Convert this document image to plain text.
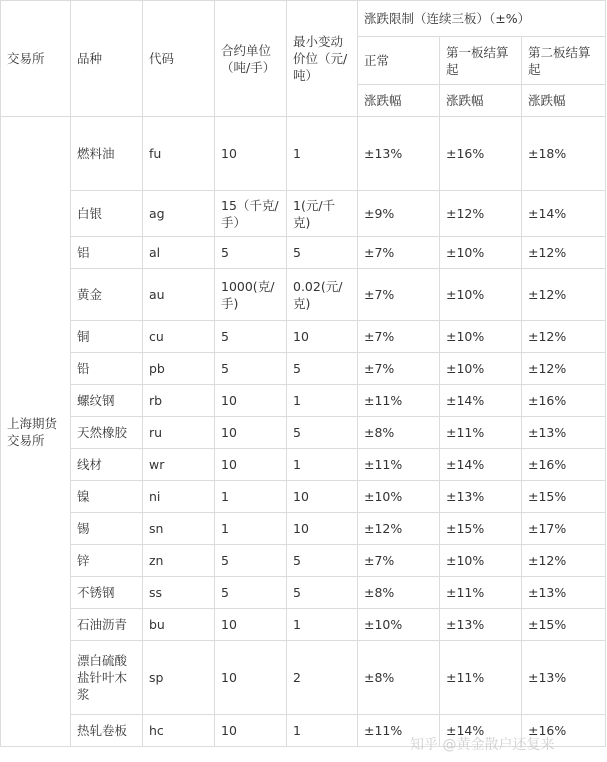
交易所	品种	代码	合约单位（吨/手）	最小变动价位（元/吨）	涨跌限制（连续三板）（±%）		
					正常	第一板结算起	第二板结算起
					涨跌幅	涨跌幅	涨跌幅
上海期货交易所	燃料油	fu	10	1	±13%	±16%	±18%
	白银	ag	15（千克/手）	1(元/千克)	±9%	±12%	±14%
	铝	al	5	5	±7%	±10%	±12%
	黄金	au	1000(克/手)	0.02(元/克)	±7%	±10%	±12%
	铜	cu	5	10	±7%	±10%	±12%
	铅	pb	5	5	±7%	±10%	±12%
	螺纹钢	rb	10	1	±11%	±14%	±16%
	天然橡胶	ru	10	5	±8%	±11%	±13%
	线材	wr	10	1	±11%	±14%	±16%
	镍	ni	1	10	±10%	±13%	±15%
	锡	sn	1	10	±12%	±15%	±17%
	锌	zn	5	5	±7%	±10%	±12%
	不锈钢	ss	5	5	±8%	±11%	±13%
	石油沥青	bu	10	1	±10%	±13%	±15%
	漂白硫酸盐针叶木浆	sp	10	2	±8%	±11%	±13%
	热轧卷板	hc	10	1	±11%	±14%	±16%
知乎 @黄金散户还复来
